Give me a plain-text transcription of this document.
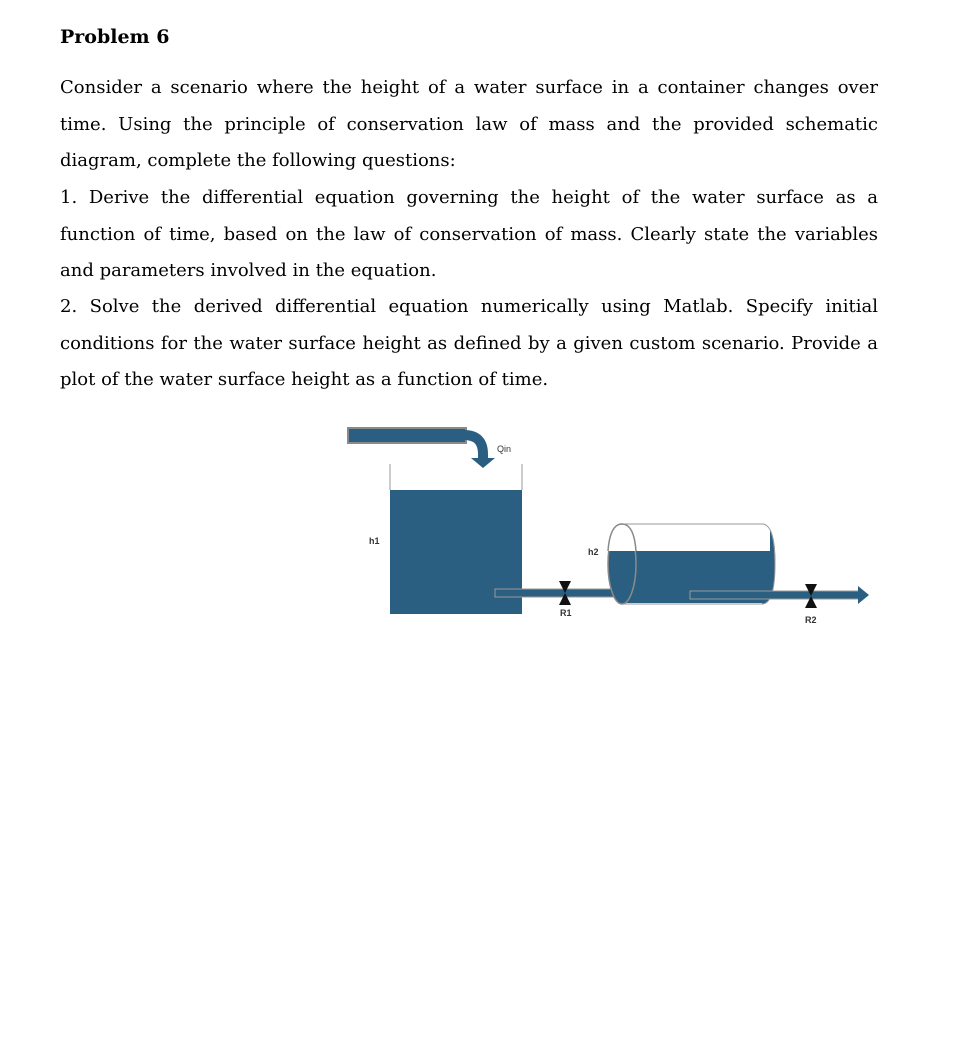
Problem 6

Consider a scenario where the height of a water surface in a container changes over time. Using the principle of conservation law of mass and the provided schematic diagram, complete the following questions:

1. Derive the differential equation governing the height of the water surface as a function of time, based on the law of conservation of mass. Clearly state the variables and parameters involved in the equation.

2. Solve the derived differential equation numerically using Matlab. Specify initial conditions for the water surface height as defined by a given custom scenario. Provide a plot of the water surface height as a function of time.

Qin
h1
R1
h2
R2
